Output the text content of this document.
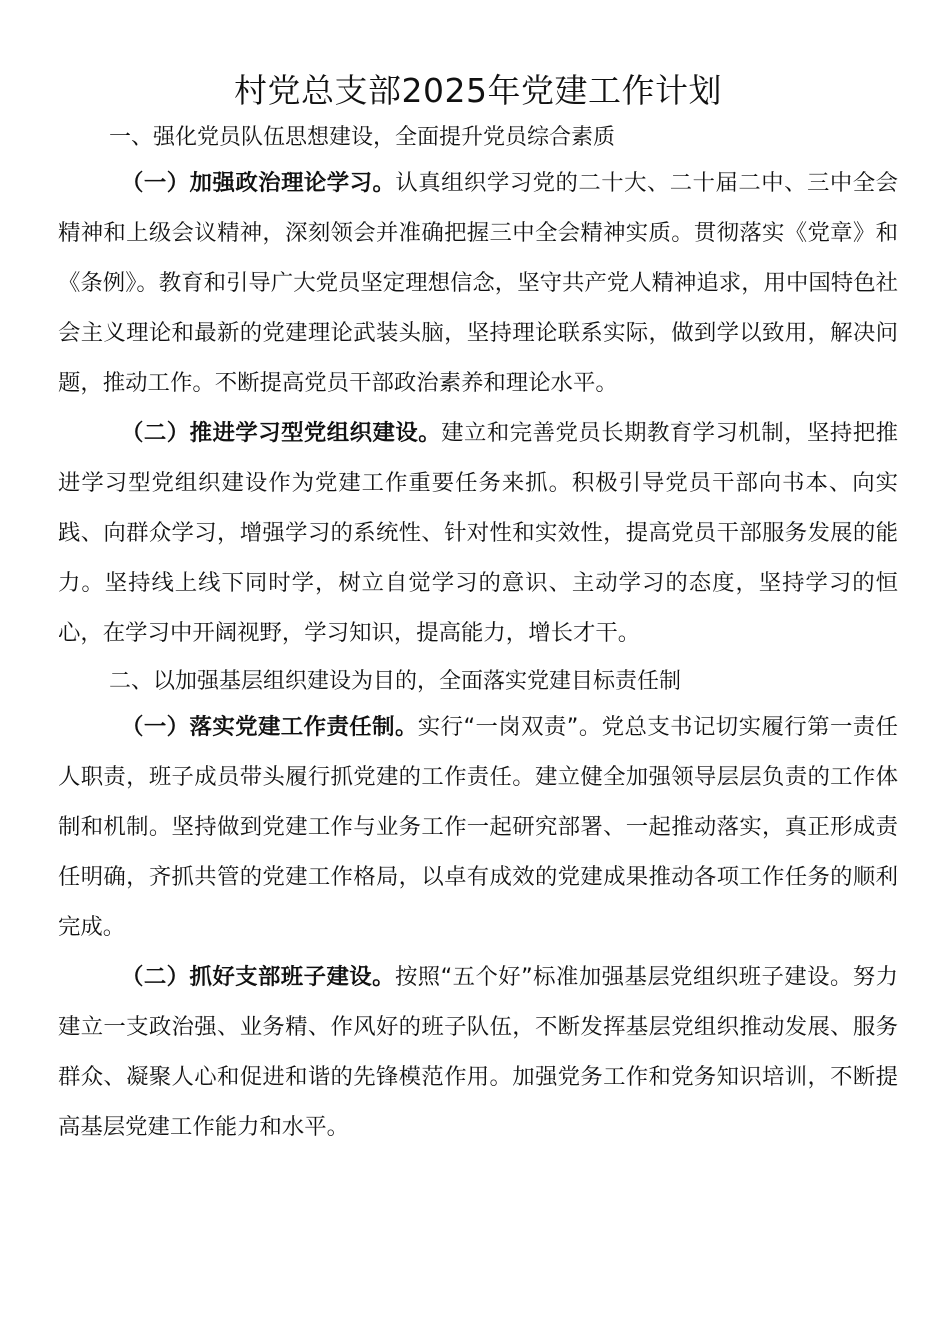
村党总支部2025年党建工作计划

一、强化党员队伍思想建设，全面提升党员综合素质

（一）加强政治理论学习。认真组织学习党的二十大、二十届二中、三中全会精神和上级会议精神，深刻领会并准确把握三中全会精神实质。贯彻落实《党章》和《条例》。教育和引导广大党员坚定理想信念，坚守共产党人精神追求，用中国特色社会主义理论和最新的党建理论武装头脑，坚持理论联系实际，做到学以致用，解决问题，推动工作。不断提高党员干部政治素养和理论水平。

（二）推进学习型党组织建设。建立和完善党员长期教育学习机制，坚持把推进学习型党组织建设作为党建工作重要任务来抓。积极引导党员干部向书本、向实践、向群众学习，增强学习的系统性、针对性和实效性，提高党员干部服务发展的能力。坚持线上线下同时学，树立自觉学习的意识、主动学习的态度，坚持学习的恒心，在学习中开阔视野，学习知识，提高能力，增长才干。

二、以加强基层组织建设为目的，全面落实党建目标责任制

（一）落实党建工作责任制。实行“一岗双责”。党总支书记切实履行第一责任人职责，班子成员带头履行抓党建的工作责任。建立健全加强领导层层负责的工作体制和机制。坚持做到党建工作与业务工作一起研究部署、一起推动落实，真正形成责任明确，齐抓共管的党建工作格局，以卓有成效的党建成果推动各项工作任务的顺利完成。

（二）抓好支部班子建设。按照“五个好”标准加强基层党组织班子建设。努力建立一支政治强、业务精、作风好的班子队伍，不断发挥基层党组织推动发展、服务群众、凝聚人心和促进和谐的先锋模范作用。加强党务工作和党务知识培训，不断提高基层党建工作能力和水平。
